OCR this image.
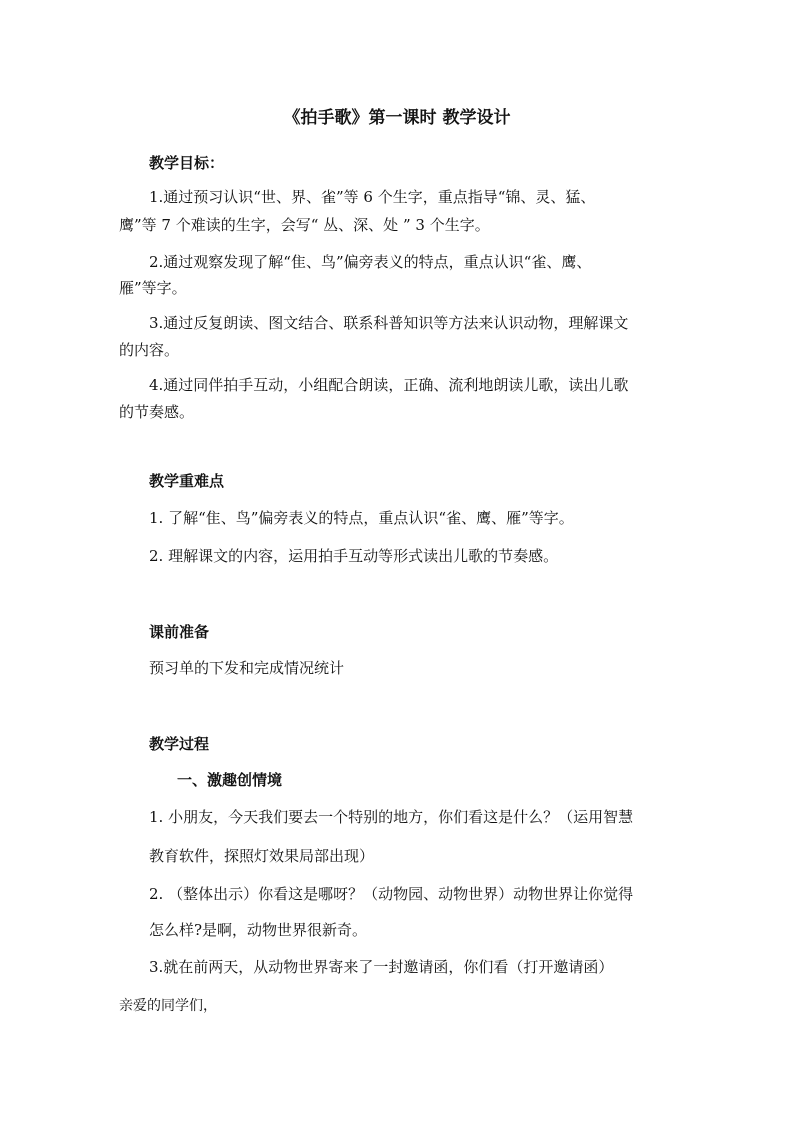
《拍手歌》第一课时 教学设计
教学目标：
1.通过预习认识“世、界、雀”等 6 个生字，重点指导“锦、灵、猛、
鹰”等 7 个难读的生字，会写“ 丛、深、处 ” 3 个生字。
2.通过观察发现了解“隹、鸟”偏旁表义的特点，重点认识“雀、鹰、
雁”等字。
3.通过反复朗读、图文结合、联系科普知识等方法来认识动物，理解课文
的内容。
4.通过同伴拍手互动，小组配合朗读，正确、流利地朗读儿歌，读出儿歌
的节奏感。
教学重难点
1. 了解“隹、鸟”偏旁表义的特点，重点认识“雀、鹰、雁”等字。
2. 理解课文的内容，运用拍手互动等形式读出儿歌的节奏感。
课前准备
预习单的下发和完成情况统计
教学过程
一、激趣创情境
1. 小朋友，今天我们要去一个特别的地方，你们看这是什么？（运用智慧
教育软件，探照灯效果局部出现）
2. （整体出示）你看这是哪呀？（动物园、动物世界）动物世界让你觉得
怎么样?是啊，动物世界很新奇。
3.就在前两天，从动物世界寄来了一封邀请函，你们看（打开邀请函）
亲爱的同学们，
